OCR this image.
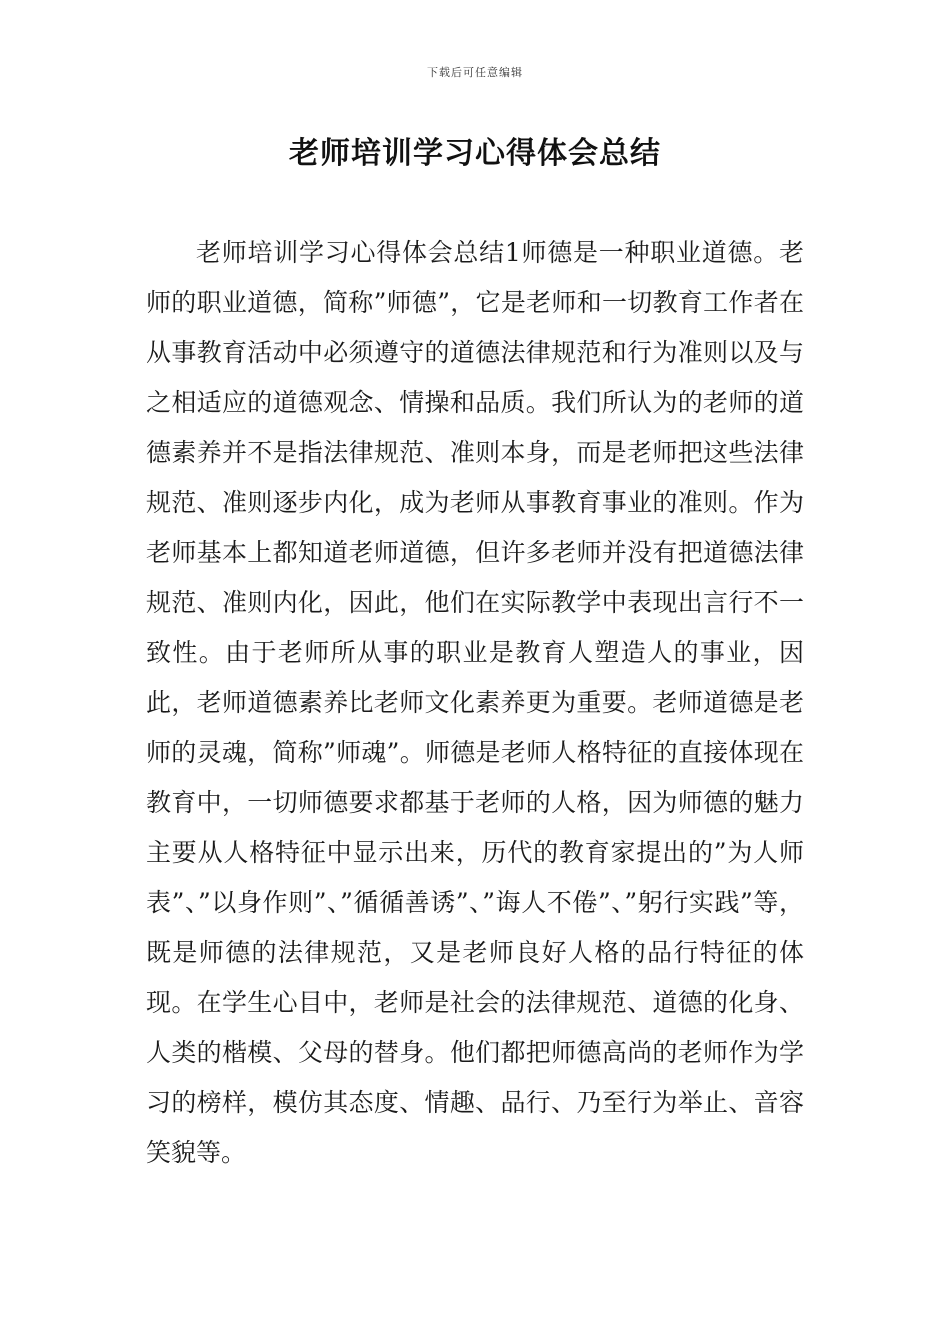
下载后可任意编辑
老师培训学习心得体会总结

老师培训学习心得体会总结1师德是一种职业道德。老师的职业道德，简称”师德”，它是老师和一切教育工作者在从事教育活动中必须遵守的道德法律规范和行为准则以及与之相适应的道德观念、情操和品质。我们所认为的老师的道德素养并不是指法律规范、准则本身，而是老师把这些法律规范、准则逐步内化，成为老师从事教育事业的准则。作为老师基本上都知道老师道德，但许多老师并没有把道德法律规范、准则内化，因此，他们在实际教学中表现出言行不一致性。由于老师所从事的职业是教育人塑造人的事业，因此，老师道德素养比老师文化素养更为重要。老师道德是老师的灵魂，简称”师魂”。师德是老师人格特征的直接体现在教育中，一切师德要求都基于老师的人格，因为师德的魅力主要从人格特征中显示出来，历代的教育家提出的”为人师表”、”以身作则”、”循循善诱”、”诲人不倦”、”躬行实践”等，既是师德的法律规范，又是老师良好人格的品行特征的体现。在学生心目中，老师是社会的法律规范、道德的化身、人类的楷模、父母的替身。他们都把师德高尚的老师作为学习的榜样，模仿其态度、情趣、品行、乃至行为举止、音容笑貌等。
